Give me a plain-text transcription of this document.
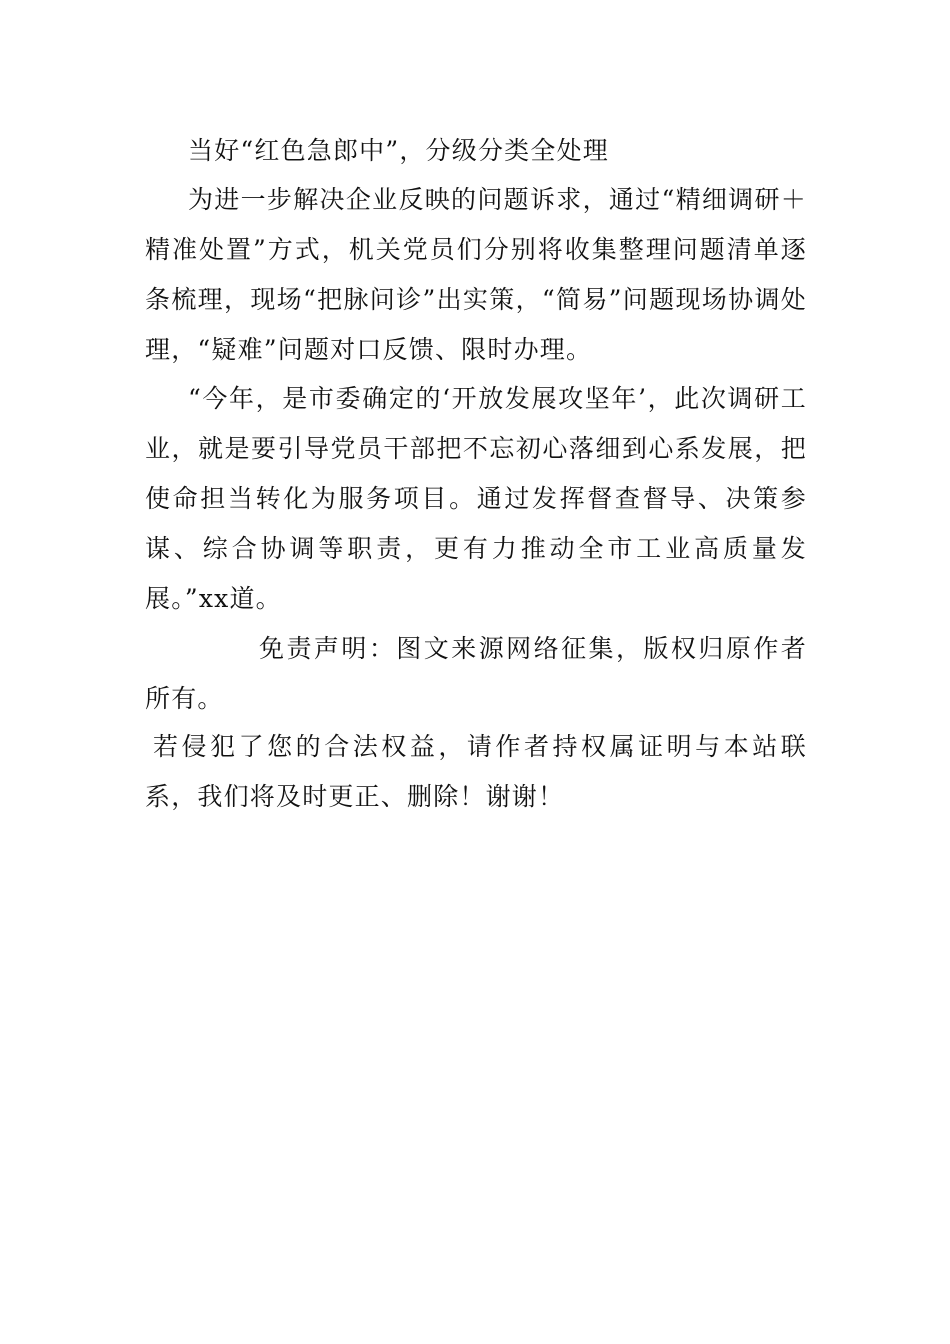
当好“红色急郎中”，分级分类全处理

为进一步解决企业反映的问题诉求，通过“精细调研＋精准处置”方式，机关党员们分别将收集整理问题清单逐条梳理，现场“把脉问诊”出实策，“简易”问题现场协调处理，“疑难”问题对口反馈、限时办理。

“今年，是市委确定的‘开放发展攻坚年’，此次调研工业，就是要引导党员干部把不忘初心落细到心系发展，把使命担当转化为服务项目。通过发挥督查督导、决策参谋、综合协调等职责，更有力推动全市工业高质量发展。”xx道。

免责声明：图文来源网络征集，版权归原作者所有。

若侵犯了您的合法权益，请作者持权属证明与本站联系，我们将及时更正、删除！谢谢！
